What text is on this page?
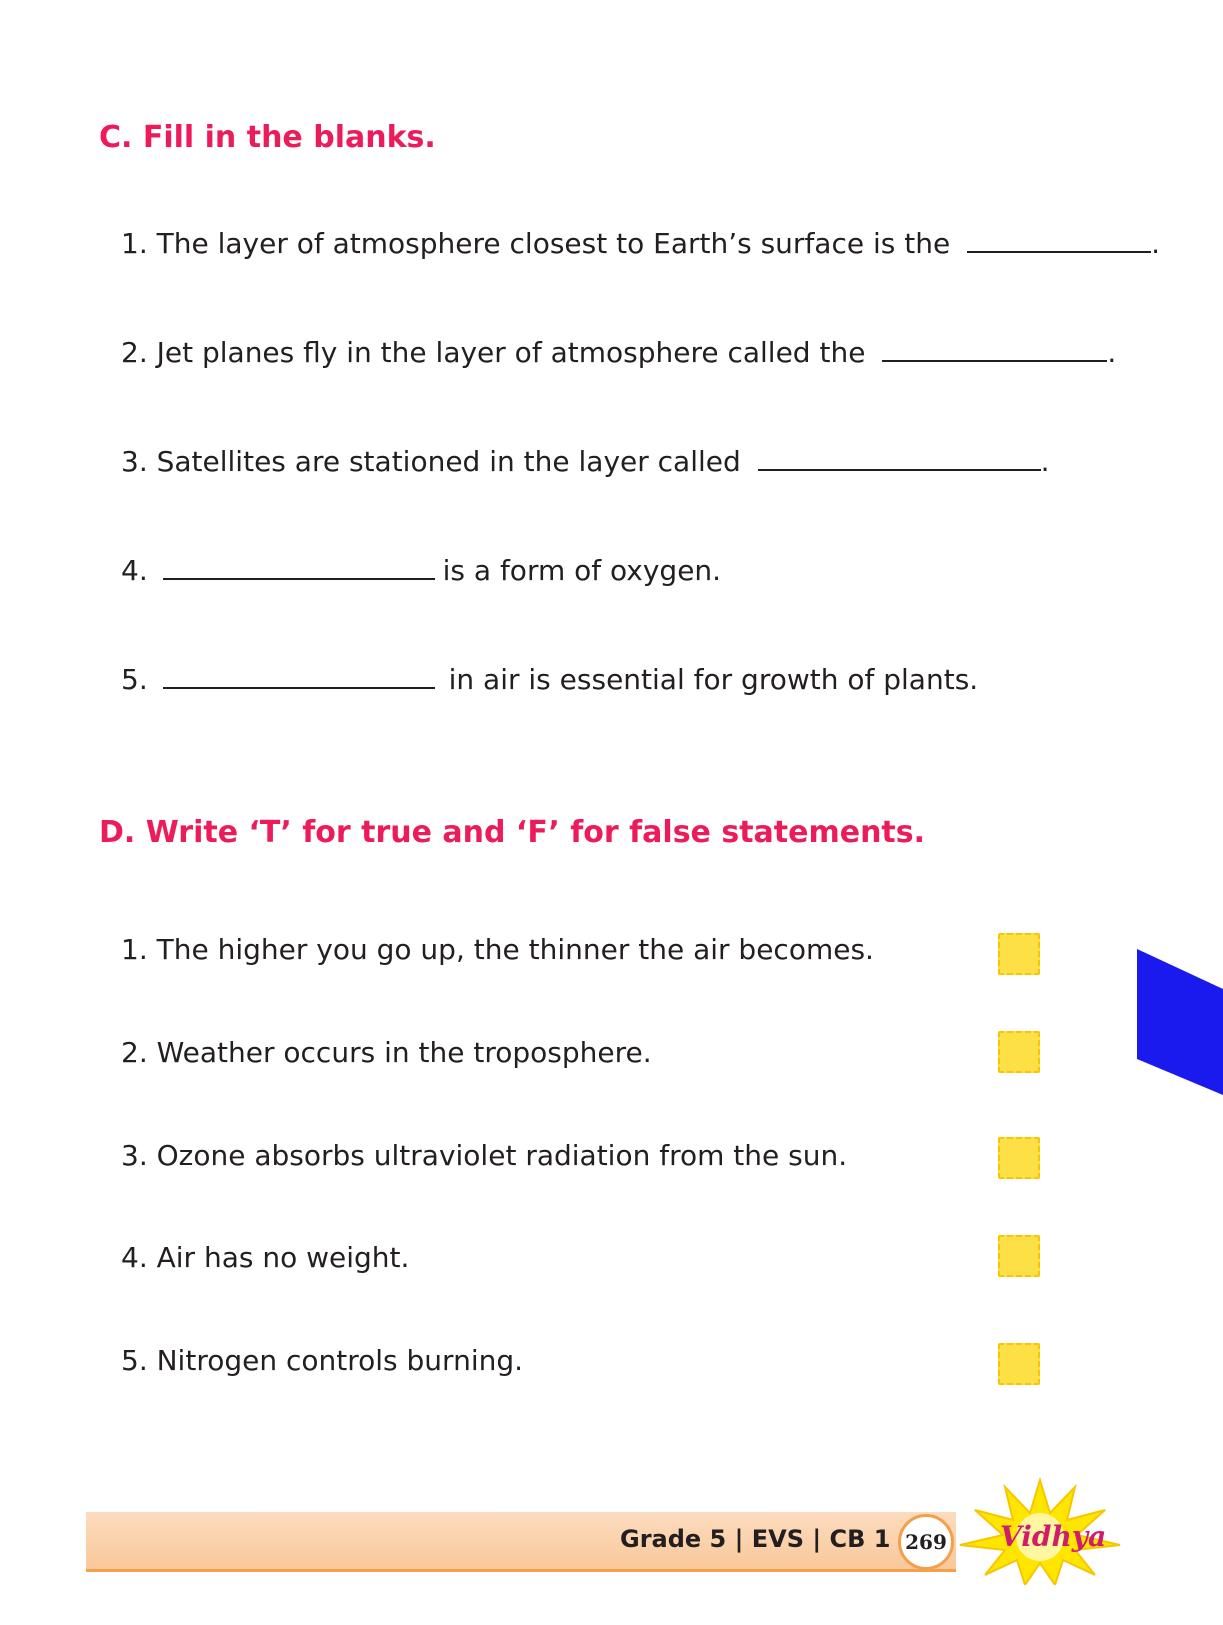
C. Fill in the blanks.
1. The layer of atmosphere closest to Earth’s surface is the	.
2. Jet planes fly in the layer of atmosphere called the	.
3. Satellites are stationed in the layer called	.
4.	is a form of oxygen.
5.	in air is essential for growth of plants.
D. Write ‘T’ for true and ‘F’ for false statements.
1. The higher you go up, the thinner the air becomes.
2. Weather occurs in the troposphere.
3. Ozone absorbs ultraviolet radiation from the sun.
4. Air has no weight.
5. Nitrogen controls burning.
Grade 5 | EVS | CB 1 269 Vidhya
